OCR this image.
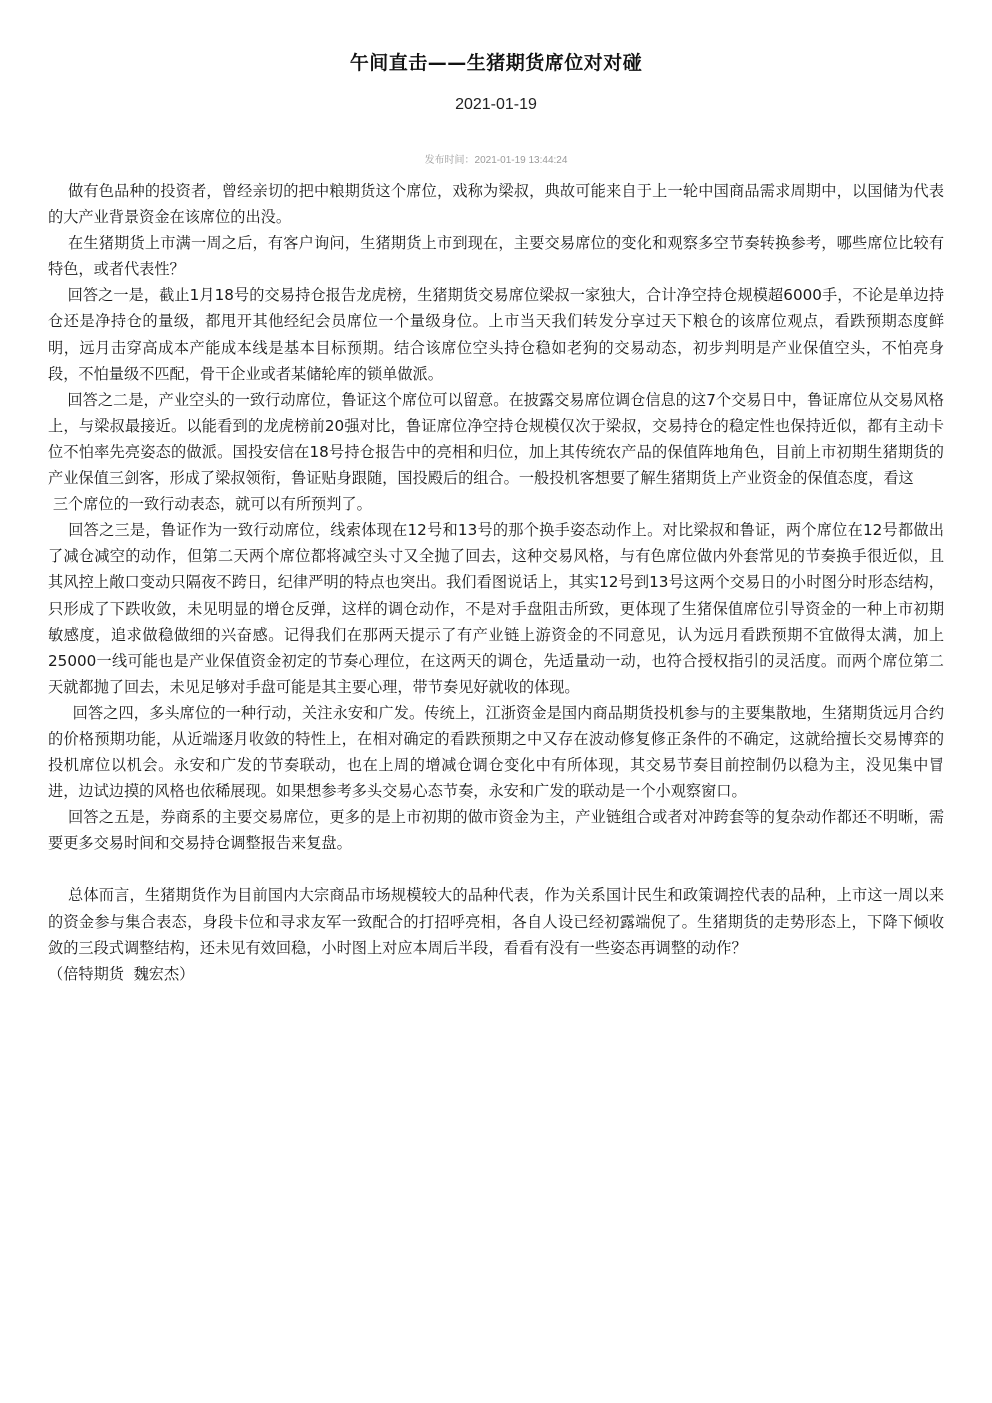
午间直击——生猪期货席位对对碰
2021-01-19
发布时间：2021-01-19 13:44:24

做有色品种的投资者，曾经亲切的把中粮期货这个席位，戏称为梁叔，典故可能来自于上一轮中国商品需求周期中，以国储为代表的大产业背景资金在该席位的出没。

在生猪期货上市满一周之后，有客户询问，生猪期货上市到现在，主要交易席位的变化和观察多空节奏转换参考，哪些席位比较有特色，或者代表性？

回答之一是，截止1月18号的交易持仓报告龙虎榜，生猪期货交易席位梁叔一家独大，合计净空持仓规模超6000手，不论是单边持仓还是净持仓的量级，都甩开其他经纪会员席位一个量级身位。上市当天我们转发分享过天下粮仓的该席位观点，看跌预期态度鲜明，远月击穿高成本产能成本线是基本目标预期。结合该席位空头持仓稳如老狗的交易动态，初步判明是产业保值空头，不怕亮身段，不怕量级不匹配，骨干企业或者某储轮库的锁单做派。

回答之二是，产业空头的一致行动席位，鲁证这个席位可以留意。在披露交易席位调仓信息的这7个交易日中，鲁证席位从交易风格上，与梁叔最接近。以能看到的龙虎榜前20强对比，鲁证席位净空持仓规模仅次于梁叔，交易持仓的稳定性也保持近似，都有主动卡位不怕率先亮姿态的做派。国投安信在18号持仓报告中的亮相和归位，加上其传统农产品的保值阵地角色，目前上市初期生猪期货的产业保值三剑客，形成了梁叔领衔，鲁证贴身跟随，国投殿后的组合。一般投机客想要了解生猪期货上产业资金的保值态度，看这

三个席位的一致行动表态，就可以有所预判了。

回答之三是，鲁证作为一致行动席位，线索体现在12号和13号的那个换手姿态动作上。对比梁叔和鲁证，两个席位在12号都做出了减仓减空的动作，但第二天两个席位都将减空头寸又全抛了回去，这种交易风格，与有色席位做内外套常见的节奏换手很近似，且其风控上敞口变动只隔夜不跨日，纪律严明的特点也突出。我们看图说话上，其实12号到13号这两个交易日的小时图分时形态结构，只形成了下跌收敛，未见明显的增仓反弹，这样的调仓动作，不是对手盘阻击所致，更体现了生猪保值席位引导资金的一种上市初期敏感度，追求做稳做细的兴奋感。记得我们在那两天提示了有产业链上游资金的不同意见，认为远月看跌预期不宜做得太满，加上25000一线可能也是产业保值资金初定的节奏心理位，在这两天的调仓，先适量动一动，也符合授权指引的灵活度。而两个席位第二天就都抛了回去，未见足够对手盘可能是其主要心理，带节奏见好就收的体现。

回答之四，多头席位的一种行动，关注永安和广发。传统上，江浙资金是国内商品期货投机参与的主要集散地，生猪期货远月合约的价格预期功能，从近端逐月收敛的特性上，在相对确定的看跌预期之中又存在波动修复修正条件的不确定，这就给擅长交易博弈的投机席位以机会。永安和广发的节奏联动，也在上周的增减仓调仓变化中有所体现，其交易节奏目前控制仍以稳为主，没见集中冒进，边试边摸的风格也依稀展现。如果想参考多头交易心态节奏，永安和广发的联动是一个小观察窗口。

回答之五是，券商系的主要交易席位，更多的是上市初期的做市资金为主，产业链组合或者对冲跨套等的复杂动作都还不明晰，需要更多交易时间和交易持仓调整报告来复盘。

总体而言，生猪期货作为目前国内大宗商品市场规模较大的品种代表，作为关系国计民生和政策调控代表的品种，上市这一周以来的资金参与集合表态，身段卡位和寻求友军一致配合的打招呼亮相，各自人设已经初露端倪了。生猪期货的走势形态上，下降下倾收敛的三段式调整结构，还未见有效回稳，小时图上对应本周后半段，看看有没有一些姿态再调整的动作？

（倍特期货  魏宏杰）
